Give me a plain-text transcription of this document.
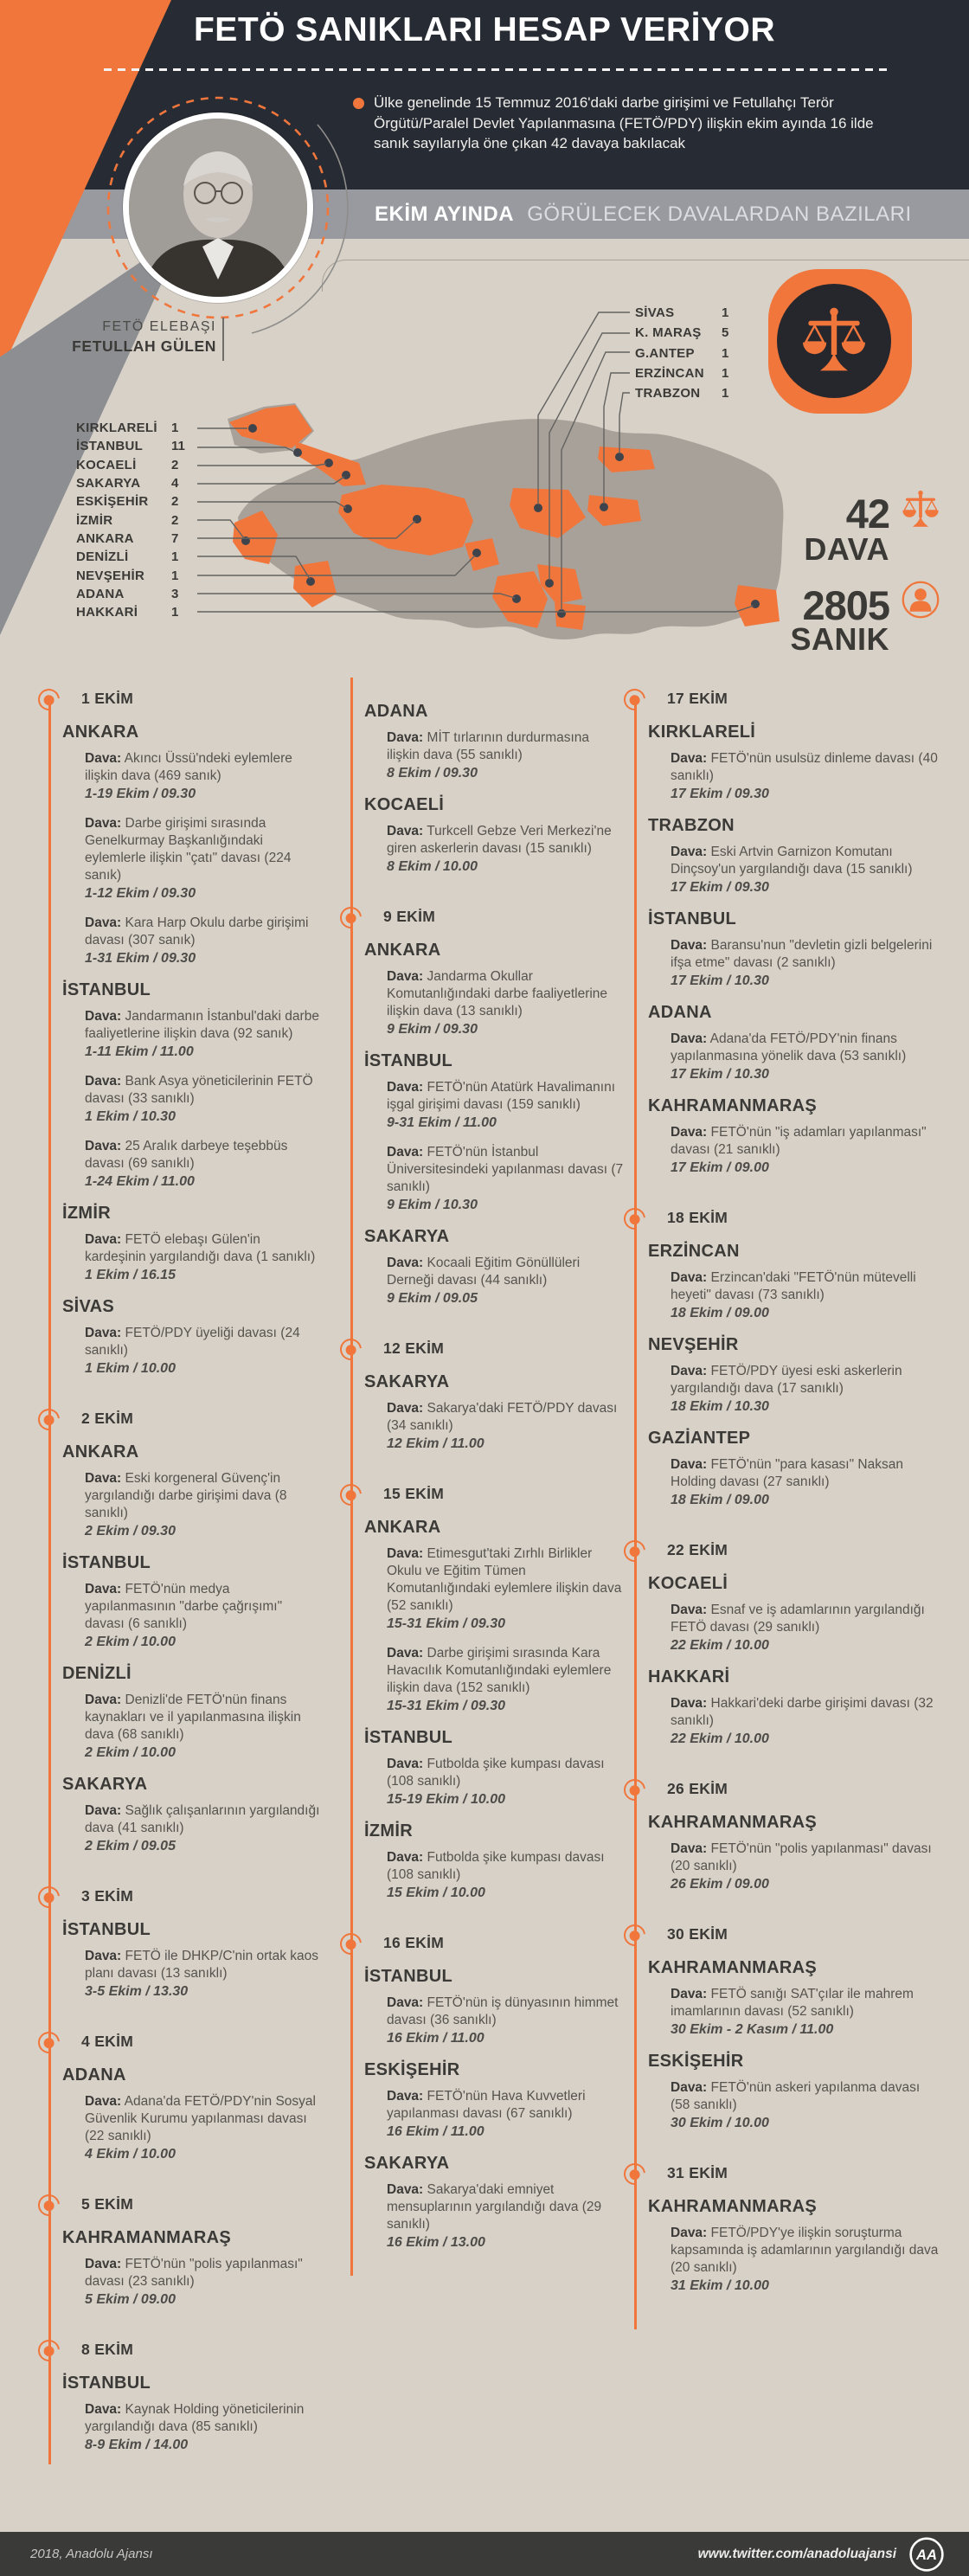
EKİM AYINDA GÖRÜLECEK DAVALARDAN BAZILARI
FETÖ SANIKLARI HESAP VERİYOR
Ülke genelinde 15 Temmuz 2016'daki darbe girişimi ve Fetullahçı Terör Örgütü/Paralel Devlet Yapılanmasına (FETÖ/PDY) ilişkin ekim ayında 16 ilde sanık sayılarıyla öne çıkan 42 davaya bakılacak
FETÖ ELEBAŞI
FETULLAH GÜLEN
42
DAVA
2805
SANIK
KIRKLARELİ	1
İSTANBUL	11
KOCAELİ	2
SAKARYA	4
ESKİŞEHİR	2
İZMİR	2
ANKARA	7
DENİZLİ	1
NEVŞEHİR	1
ADANA	3
HAKKARİ	1
SİVAS	1
K. MARAŞ	5
G.ANTEP	1
ERZİNCAN	1
TRABZON	1
1 EKİM
ANKARA

Dava: Akıncı Üssü'ndeki eylemlere ilişkin dava (469 sanık)

1-19 Ekim / 09.30

Dava: Darbe girişimi sırasında Genelkurmay Başkanlığındaki eylemlerle ilişkin "çatı" davası (224 sanık)

1-12 Ekim / 09.30

Dava: Kara Harp Okulu darbe girişimi davası (307 sanık)

1-31 Ekim / 09.30
İSTANBUL

Dava: Jandarmanın İstanbul'daki darbe faaliyetlerine ilişkin dava (92 sanık)

1-11 Ekim / 11.00

Dava: Bank Asya yöneticilerinin FETÖ davası (33 sanıklı)

1 Ekim / 10.30

Dava: 25 Aralık darbeye teşebbüs davası (69 sanıklı)

1-24 Ekim / 11.00
İZMİR

Dava: FETÖ elebaşı Gülen'in kardeşinin yargılandığı dava (1 sanıklı)

1 Ekim / 16.15
SİVAS

Dava: FETÖ/PDY üyeliği davası (24 sanıklı)

1 Ekim / 10.00
2 EKİM
ANKARA

Dava: Eski korgeneral Güvenç'in yargılandığı darbe girişimi dava (8 sanıklı)

2 Ekim / 09.30
İSTANBUL

Dava: FETÖ'nün medya yapılanmasının "darbe çağrışımı" davası (6 sanıklı)

2 Ekim / 10.00
DENİZLİ

Dava: Denizli'de FETÖ'nün finans kaynakları ve il yapılanmasına ilişkin dava (68 sanıklı)

2 Ekim / 10.00
SAKARYA

Dava: Sağlık çalışanlarının yargılandığı dava (41 sanıklı)

2 Ekim / 09.05
3 EKİM
İSTANBUL

Dava: FETÖ ile DHKP/C'nin ortak kaos planı davası (13 sanıklı)

3-5 Ekim / 13.30
4 EKİM
ADANA

Dava: Adana'da FETÖ/PDY'nin Sosyal Güvenlik Kurumu yapılanması davası (22 sanıklı)

4 Ekim / 10.00
5 EKİM
KAHRAMANMARAŞ

Dava: FETÖ'nün "polis yapılanması" davası (23 sanıklı)

5 Ekim / 09.00
8 EKİM
İSTANBUL

Dava: Kaynak Holding yöneticilerinin yargılandığı dava (85 sanıklı)

8-9 Ekim / 14.00
ADANA

Dava: MİT tırlarının durdurmasına ilişkin dava (55 sanıklı)

8 Ekim / 09.30
KOCAELİ

Dava: Turkcell Gebze Veri Merkezi'ne giren askerlerin davası (15 sanıklı)

8 Ekim / 10.00
9 EKİM
ANKARA

Dava: Jandarma Okullar Komutanlığındaki darbe faaliyetlerine ilişkin dava (13 sanıklı)

9 Ekim / 09.30
İSTANBUL

Dava: FETÖ'nün Atatürk Havalimanını işgal girişimi davası (159 sanıklı)

9-31 Ekim / 11.00

Dava: FETÖ'nün İstanbul Üniversitesindeki yapılanması davası (7 sanıklı)

9 Ekim / 10.30
SAKARYA

Dava: Kocaali Eğitim Gönüllüleri Derneği davası (44 sanıklı)

9 Ekim / 09.05
12 EKİM
SAKARYA

Dava: Sakarya'daki FETÖ/PDY davası (34 sanıklı)

12 Ekim / 11.00
15 EKİM
ANKARA

Dava: Etimesgut'taki Zırhlı Birlikler Okulu ve Eğitim Tümen Komutanlığındaki eylemlere ilişkin dava (52 sanıklı)

15-31 Ekim / 09.30

Dava: Darbe girişimi sırasında Kara Havacılık Komutanlığındaki eylemlere ilişkin dava (152 sanıklı)

15-31 Ekim / 09.30
İSTANBUL

Dava: Futbolda şike kumpası davası (108 sanıklı)

15-19 Ekim / 10.00
İZMİR

Dava: Futbolda şike kumpası davası (108 sanıklı)

15 Ekim / 10.00
16 EKİM
İSTANBUL

Dava: FETÖ'nün iş dünyasının himmet davası (36 sanıklı)

16 Ekim / 11.00
ESKİŞEHİR

Dava: FETÖ'nün Hava Kuvvetleri yapılanması davası (67 sanıklı)

16 Ekim / 11.00
SAKARYA

Dava: Sakarya'daki emniyet mensuplarının yargılandığı dava (29 sanıklı)

16 Ekim / 13.00
17 EKİM
KIRKLARELİ

Dava: FETÖ'nün usulsüz dinleme davası (40 sanıklı)

17 Ekim / 09.30
TRABZON

Dava: Eski Artvin Garnizon Komutanı Dinçsoy'un yargılandığı dava (15 sanıklı)

17 Ekim / 09.30
İSTANBUL

Dava: Baransu'nun "devletin gizli belgelerini ifşa etme" davası (2 sanıklı)

17 Ekim / 10.30
ADANA

Dava: Adana'da FETÖ/PDY'nin finans yapılanmasına yönelik dava (53 sanıklı)

17 Ekim / 10.30
KAHRAMANMARAŞ

Dava: FETÖ'nün "iş adamları yapılanması" davası (21 sanıklı)

17 Ekim / 09.00
18 EKİM
ERZİNCAN

Dava: Erzincan'daki "FETÖ'nün mütevelli heyeti" davası (73 sanıklı)

18 Ekim / 09.00
NEVŞEHİR

Dava: FETÖ/PDY üyesi eski askerlerin yargılandığı dava (17 sanıklı)

18 Ekim / 10.30
GAZİANTEP

Dava: FETÖ'nün "para kasası" Naksan Holding davası (27 sanıklı)

18 Ekim / 09.00
22 EKİM
KOCAELİ

Dava: Esnaf ve iş adamlarının yargılandığı FETÖ davası (29 sanıklı)

22 Ekim / 10.00
HAKKARİ

Dava: Hakkari'deki darbe girişimi davası (32 sanıklı)

22 Ekim / 10.00
26 EKİM
KAHRAMANMARAŞ

Dava: FETÖ'nün "polis yapılanması" davası (20 sanıklı)

26 Ekim / 09.00
30 EKİM
KAHRAMANMARAŞ

Dava: FETÖ sanığı SAT'çılar ile mahrem imamlarının davası (52 sanıklı)

30 Ekim - 2 Kasım / 11.00
ESKİŞEHİR

Dava: FETÖ'nün askeri yapılanma davası (58 sanıklı)

30 Ekim / 10.00
31 EKİM
KAHRAMANMARAŞ

Dava: FETÖ/PDY'ye ilişkin soruşturma kapsamında iş adamlarının yargılandığı dava (20 sanıklı)

31 Ekim / 10.00
2018, Anadolu Ajansı	www.twitter.com/anadoluajansi AA
